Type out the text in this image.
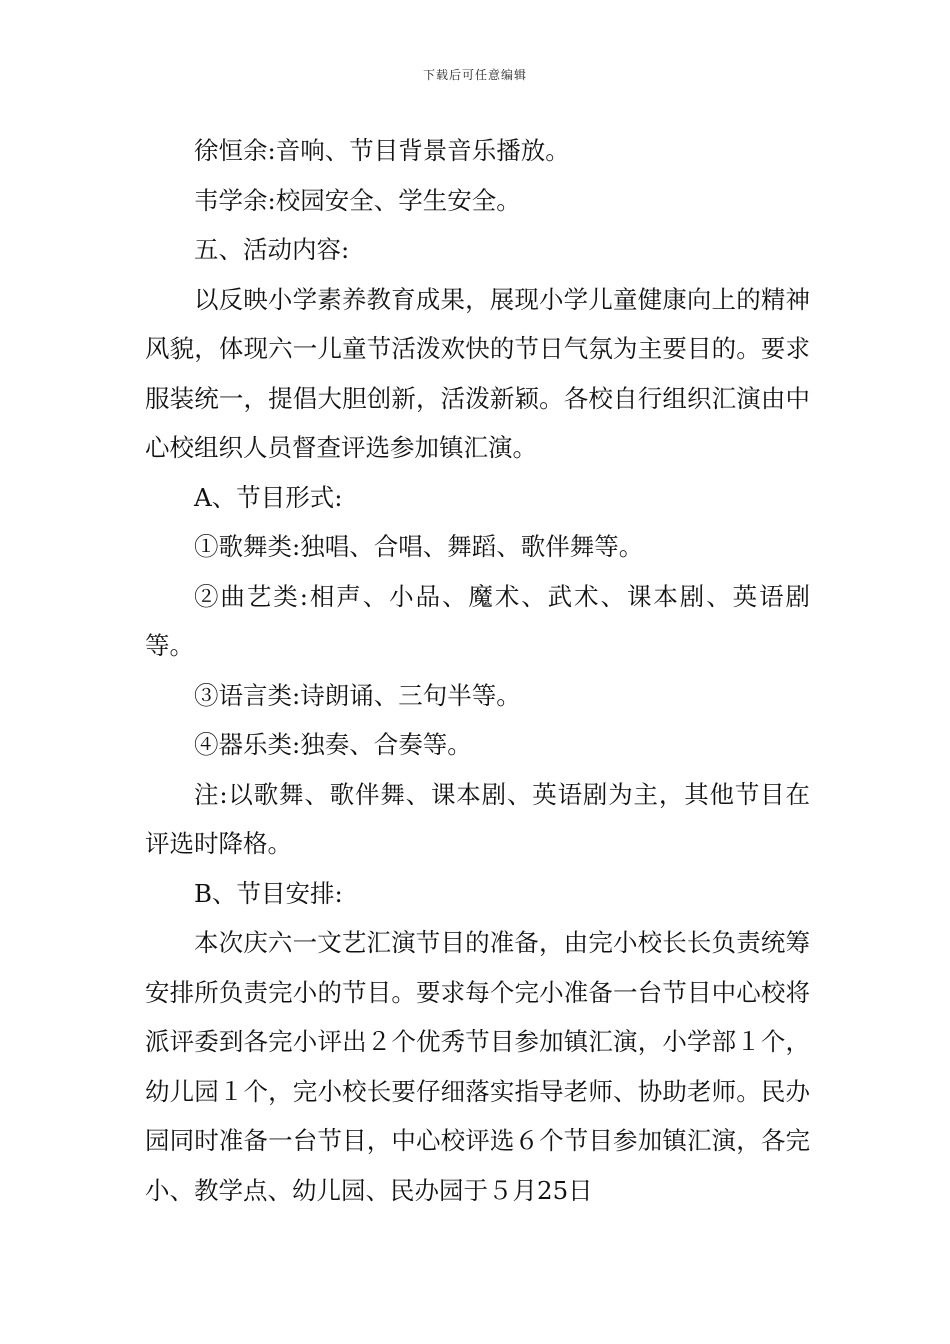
下载后可任意编辑

徐恒余:音响、节目背景音乐播放。

韦学余:校园安全、学生安全。

五、活动内容:

以反映小学素养教育成果，展现小学儿童健康向上的精神风貌，体现六一儿童节活泼欢快的节日气氛为主要目的。要求服装统一，提倡大胆创新，活泼新颖。各校自行组织汇演由中心校组织人员督查评选参加镇汇演。

A、节目形式:

①歌舞类:独唱、合唱、舞蹈、歌伴舞等。

②曲艺类:相声、小品、魔术、武术、课本剧、英语剧等。

③语言类:诗朗诵、三句半等。

④器乐类:独奏、合奏等。

注:以歌舞、歌伴舞、课本剧、英语剧为主，其他节目在评选时降格。

B、节目安排:

本次庆六一文艺汇演节目的准备，由完小校长长负责统筹安排所负责完小的节目。要求每个完小准备一台节目中心校将派评委到各完小评出２个优秀节目参加镇汇演，小学部１个，幼儿园１个，完小校长要仔细落实指导老师、协助老师。民办园同时准备一台节目，中心校评选６个节目参加镇汇演，各完小、教学点、幼儿园、民办园于５月25日
